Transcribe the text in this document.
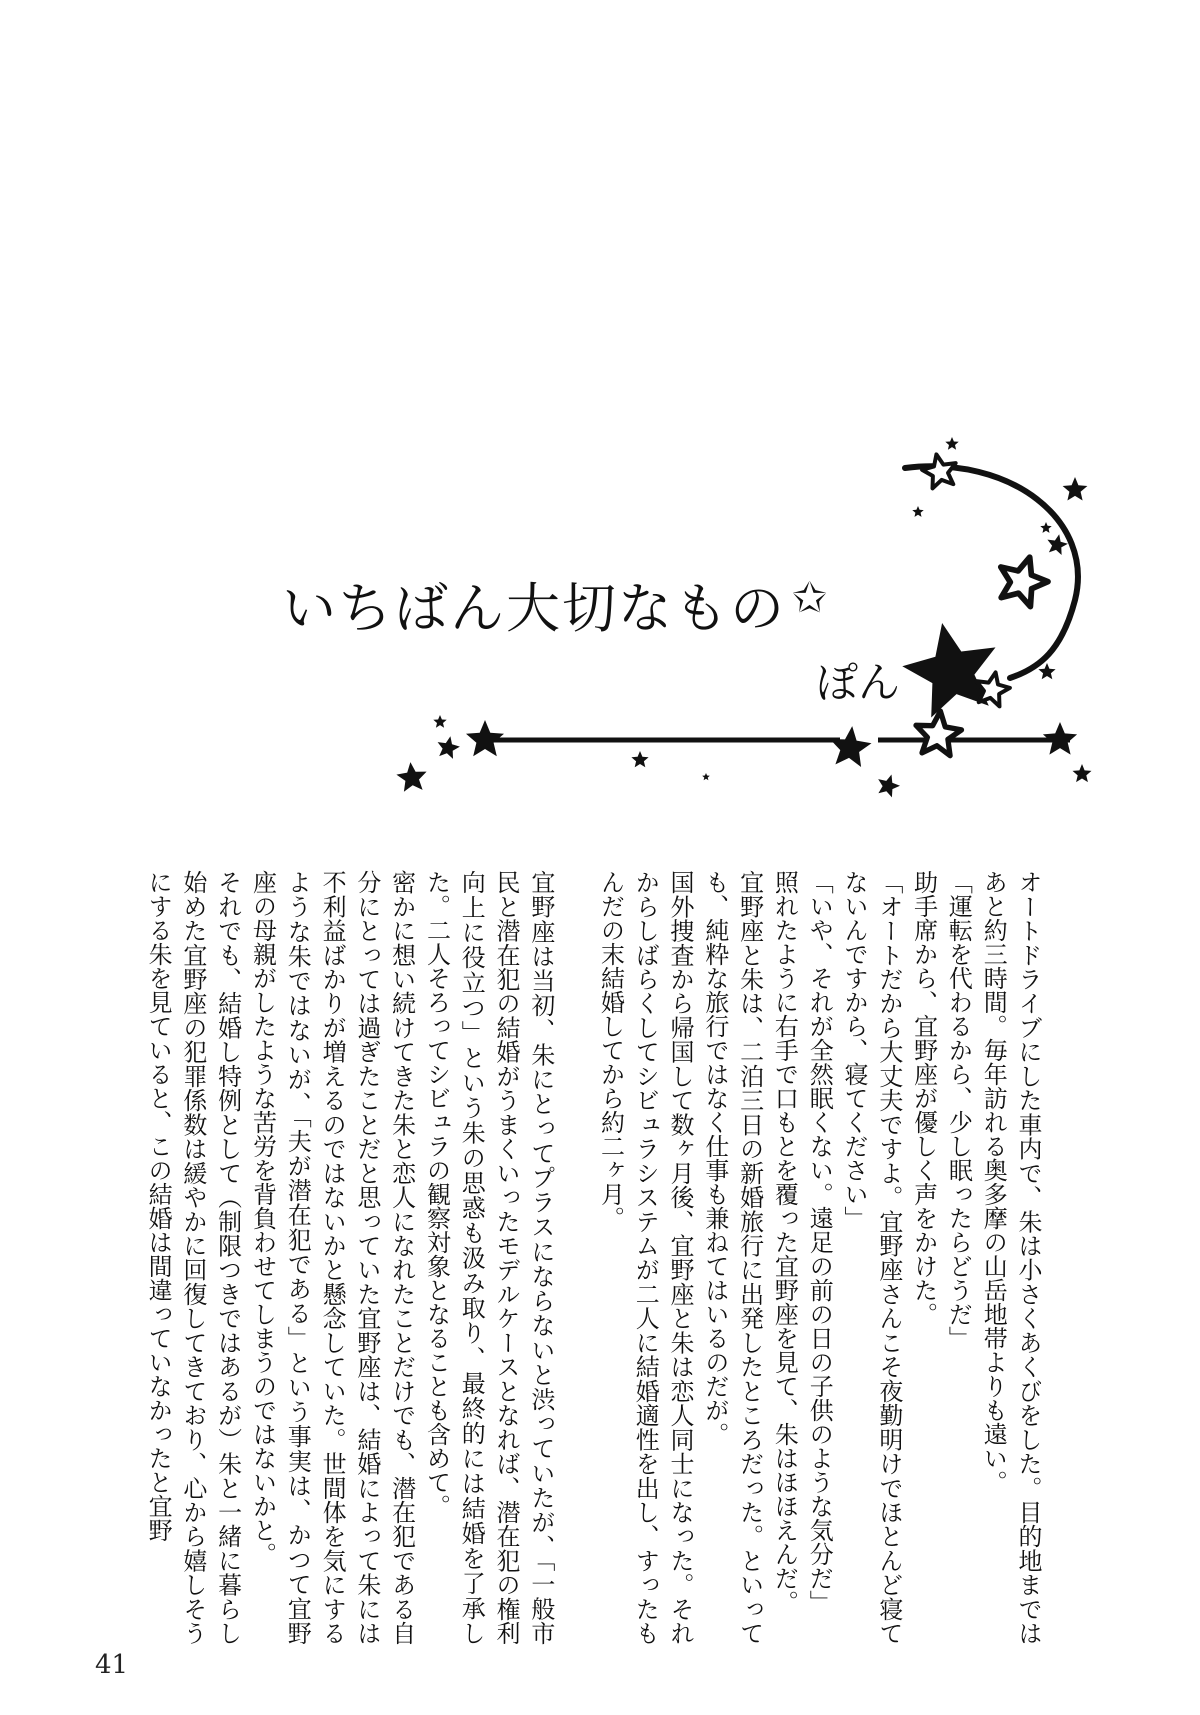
いちばん大切なもの ✩
ぽん

オートドライブにした車内で、朱は小さくあくびをした。目的地まではあと約三時間。毎年訪れる奥多摩の山岳地帯よりも遠い。

「運転を代わるから、少し眠ったらどうだ」

助手席から、宜野座が優しく声をかけた。

「オートだから大丈夫ですよ。宜野座さんこそ夜勤明けでほとんど寝てないんですから、寝てください」

「いや、それが全然眠くない。遠足の前の日の子供のような気分だ」

照れたように右手で口もとを覆った宜野座を見て、朱はほほえんだ。

宜野座と朱は、二泊三日の新婚旅行に出発したところだった。といっても、純粋な旅行ではなく仕事も兼ねてはいるのだが。

国外捜査から帰国して数ヶ月後、宜野座と朱は恋人同士になった。それからしばらくしてシビュラシステムが二人に結婚適性を出し、すったもんだの末結婚してから約二ヶ月。

宜野座は当初、朱にとってプラスにならないと渋っていたが、「一般市民と潜在犯の結婚がうまくいったモデルケースとなれば、潜在犯の権利向上に役立つ」という朱の思惑も汲み取り、最終的には結婚を了承した。二人そろってシビュラの観察対象となることも含めて。

密かに想い続けてきた朱と恋人になれたことだけでも、潜在犯である自分にとっては過ぎたことだと思っていた宜野座は、結婚によって朱には不利益ばかりが増えるのではないかと懸念していた。世間体を気にするような朱ではないが、「夫が潜在犯である」という事実は、かつて宜野座の母親がしたような苦労を背負わせてしまうのではないかと。

それでも、結婚し特例として（制限つきではあるが）朱と一緒に暮らし始めた宜野座の犯罪係数は緩やかに回復してきており、心から嬉しそうにする朱を見ていると、この結婚は間違っていなかったと宜野

41
